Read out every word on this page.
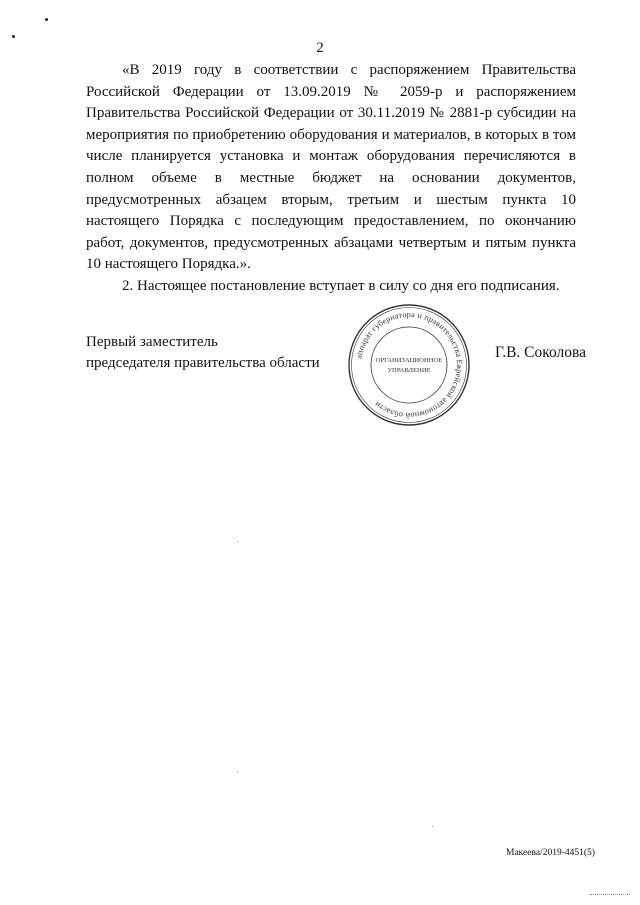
2

«В 2019 году в соответствии с распоряжением Правительства Российской Федерации от 13.09.2019 № 2059-р и распоряжением Правительства Российской Федерации от 30.11.2019 № 2881-р субсидии на мероприятия по приобретению оборудования и материалов, в которых в том числе планируется установка и монтаж оборудования перечисляются в полном объеме в местные бюджет на основании документов, предусмотренных абзацем вторым, третьим и шестым пункта 10 настоящего Порядка с последующим предоставлением, по окончанию работ, документов, предусмотренных абзацами четвертым и пятым пункта 10 настоящего Порядка.».

2. Настоящее постановление вступает в силу со дня его подписания.

Первый заместитель
председателя правительства области	аппарат губернатора и правительства Еврейской автономной области
ОРГАНИЗАЦИОННОЕ
УПРАВЛЕНИЕ
Г.В. Соколова
Макеева/2019-4451(5)
